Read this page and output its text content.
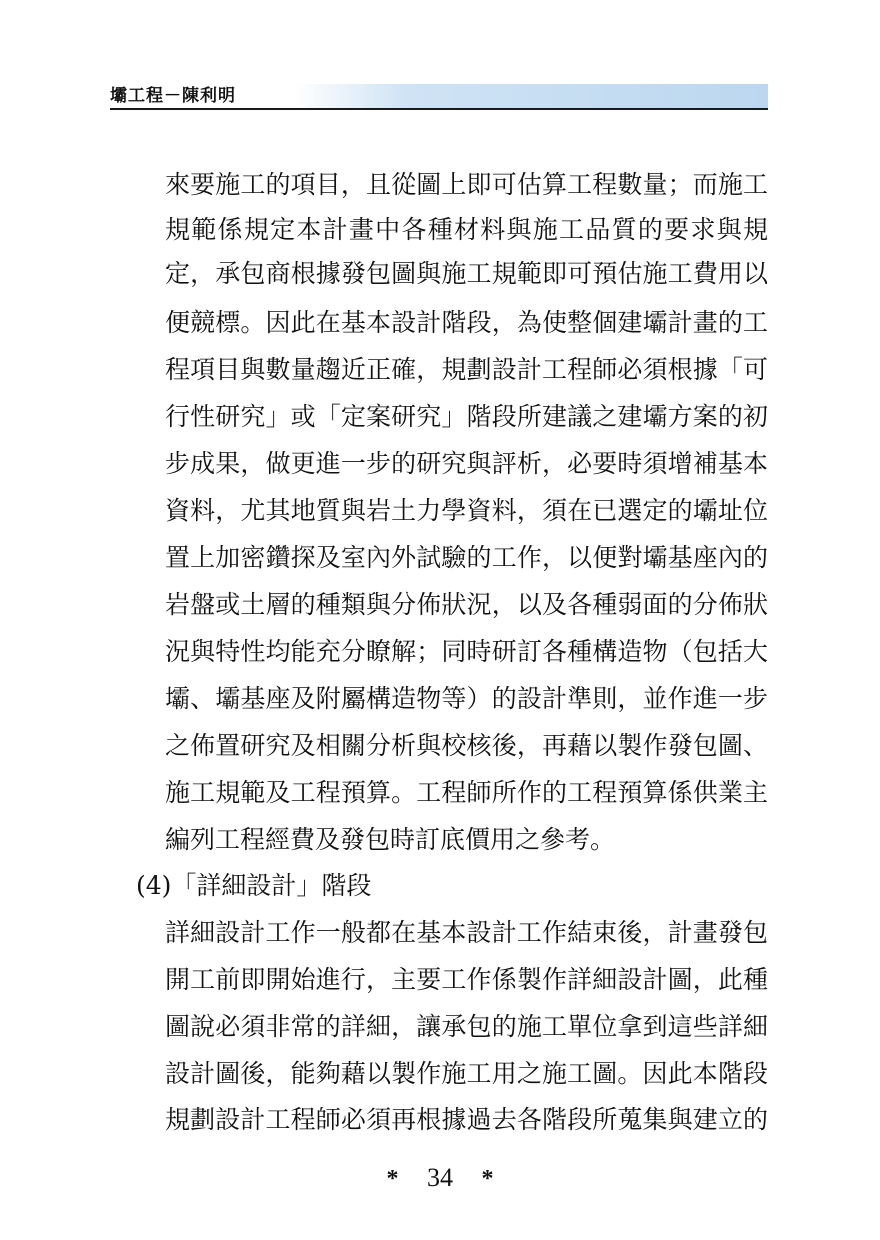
壩工程－陳利明
來要施工的項目，且從圖上即可估算工程數量；而施工
規範係規定本計畫中各種材料與施工品質的要求與規
定，承包商根據發包圖與施工規範即可預估施工費用以
便競標。因此在基本設計階段，為使整個建壩計畫的工
程項目與數量趨近正確，規劃設計工程師必須根據「可
行性研究」或「定案研究」階段所建議之建壩方案的初
步成果，做更進一步的研究與評析，必要時須增補基本
資料，尤其地質與岩土力學資料，須在已選定的壩址位
置上加密鑽探及室內外試驗的工作，以便對壩基座內的
岩盤或土層的種類與分佈狀況，以及各種弱面的分佈狀
況與特性均能充分瞭解；同時研訂各種構造物（包括大
壩、壩基座及附屬構造物等）的設計準則，並作進一步
之佈置研究及相關分析與校核後，再藉以製作發包圖、
施工規範及工程預算。工程師所作的工程預算係供業主
編列工程經費及發包時訂底價用之參考。
(4)「詳細設計」階段
詳細設計工作一般都在基本設計工作結束後，計畫發包
開工前即開始進行，主要工作係製作詳細設計圖，此種
圖說必須非常的詳細，讓承包的施工單位拿到這些詳細
設計圖後，能夠藉以製作施工用之施工圖。因此本階段
規劃設計工程師必須再根據過去各階段所蒐集與建立的
* 34 *
